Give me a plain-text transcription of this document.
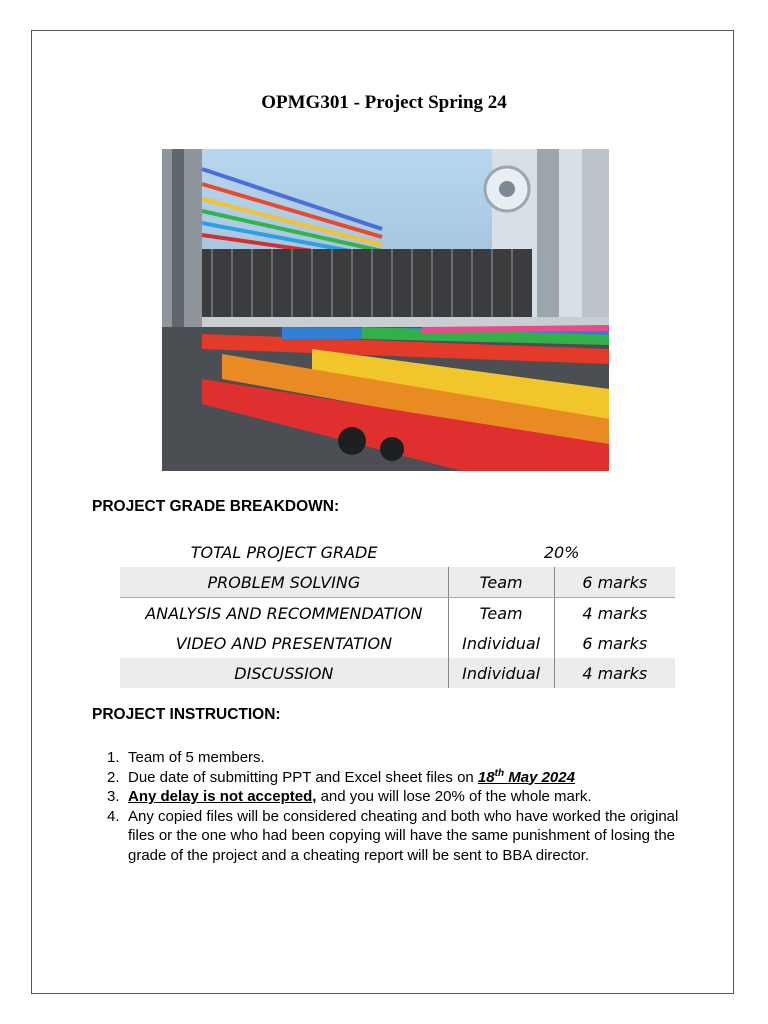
OPMG301 - Project Spring 24
PROJECT GRADE BREAKDOWN:
TOTAL PROJECT GRADE	20%	
PROBLEM SOLVING	Team	6 marks
ANALYSIS AND RECOMMENDATION	Team	4 marks
VIDEO AND PRESENTATION	Individual	6 marks
DISCUSSION	Individual	4 marks
PROJECT INSTRUCTION:
1. Team of 5 members.
2. Due date of submitting PPT and Excel sheet files on 18th May 2024
3. Any delay is not accepted, and you will lose 20% of the whole mark.
4. Any copied files will be considered cheating and both who have worked the original files or the one who had been copying will have the same punishment of losing the grade of the project and a cheating report will be sent to BBA director.
